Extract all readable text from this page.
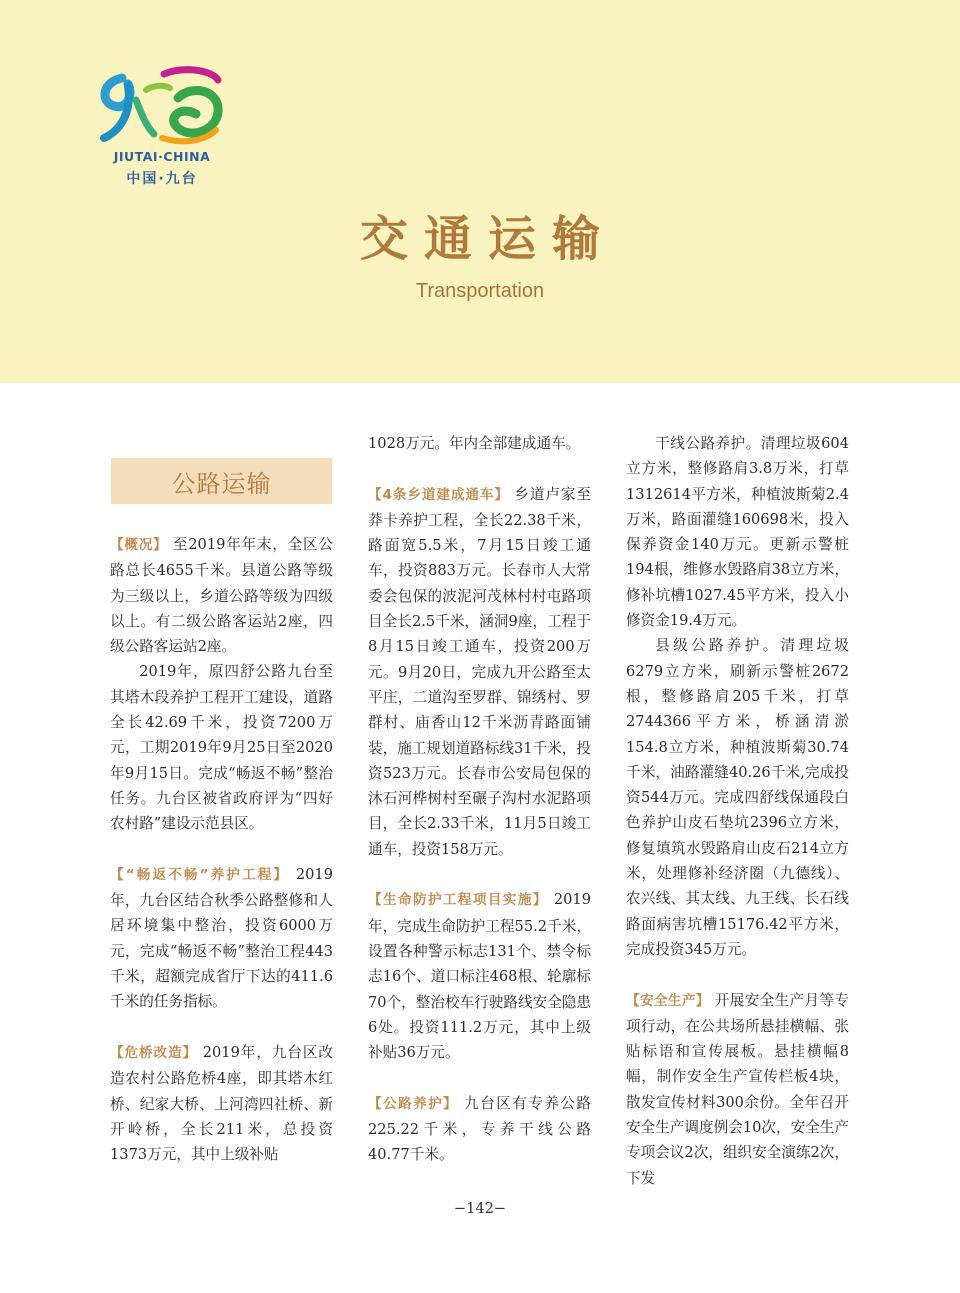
JIUTAI·CHINA
中国·九台
交通运输
Transportation
公路运输

【概况】 至2019年年末，全区公路总长4655千米。县道公路等级为三级以上，乡道公路等级为四级以上。有二级公路客运站2座，四级公路客运站2座。

2019年，原四舒公路九台至其塔木段养护工程开工建设，道路全长42.69千米，投资7200万元，工期2019年9月25日至2020年9月15日。完成“畅返不畅”整治任务。九台区被省政府评为“四好农村路”建设示范县区。

【“畅返不畅”养护工程】 2019年，九台区结合秋季公路整修和人居环境集中整治，投资6000万元，完成“畅返不畅”整治工程443千米，超额完成省厅下达的411.6千米的任务指标。

【危桥改造】 2019年，九台区改造农村公路危桥4座，即其塔木红桥、纪家大桥、上河湾四社桥、新开岭桥，全长211米，总投资1373万元，其中上级补贴

1028万元。年内全部建成通车。

【4条乡道建成通车】 乡道卢家至莽卡养护工程，全长22.38千米，路面宽5.5米，7月15日竣工通车，投资883万元。长春市人大常委会包保的波泥河茂林村村屯路项目全长2.5千米，涵洞9座，工程于8月15日竣工通车，投资200万元。9月20日，完成九开公路至太平庄，二道沟至罗群、锦绣村、罗群村、庙香山12千米沥青路面铺装，施工规划道路标线31千米，投资523万元。长春市公安局包保的沐石河桦树村至碾子沟村水泥路项目，全长2.33千米，11月5日竣工通车，投资158万元。

【生命防护工程项目实施】 2019年，完成生命防护工程55.2千米，设置各种警示标志131个、禁令标志16个、道口标注468根、轮廓标70个，整治校车行驶路线安全隐患6处。投资111.2万元，其中上级补贴36万元。

【公路养护】 九台区有专养公路225.22千米，专养干线公路40.77千米。

干线公路养护。清理垃圾604立方米，整修路肩3.8万米，打草1312614平方米，种植波斯菊2.4万米，路面灌缝160698米，投入保养资金140万元。更新示警桩194根，维修水毁路肩38立方米，修补坑槽1027.45平方米，投入小修资金19.4万元。

县级公路养护。清理垃圾6279立方米，刷新示警桩2672根，整修路肩205千米，打草2744366平方米，桥涵清淤154.8立方米，种植波斯菊30.74千米，油路灌缝40.26千米,完成投资544万元。完成四舒线保通段白色养护山皮石垫坑2396立方米，修复填筑水毁路肩山皮石214立方米，处理修补经济圈（九德线）、农兴线、其太线、九王线、长石线路面病害坑槽15176.42平方米，完成投资345万元。

【安全生产】 开展安全生产月等专项行动，在公共场所悬挂横幅、张贴标语和宣传展板。悬挂横幅8幅，制作安全生产宣传栏板4块，散发宣传材料300余份。全年召开安全生产调度例会10次，安全生产专项会议2次，组织安全演练2次，下发

−142−
